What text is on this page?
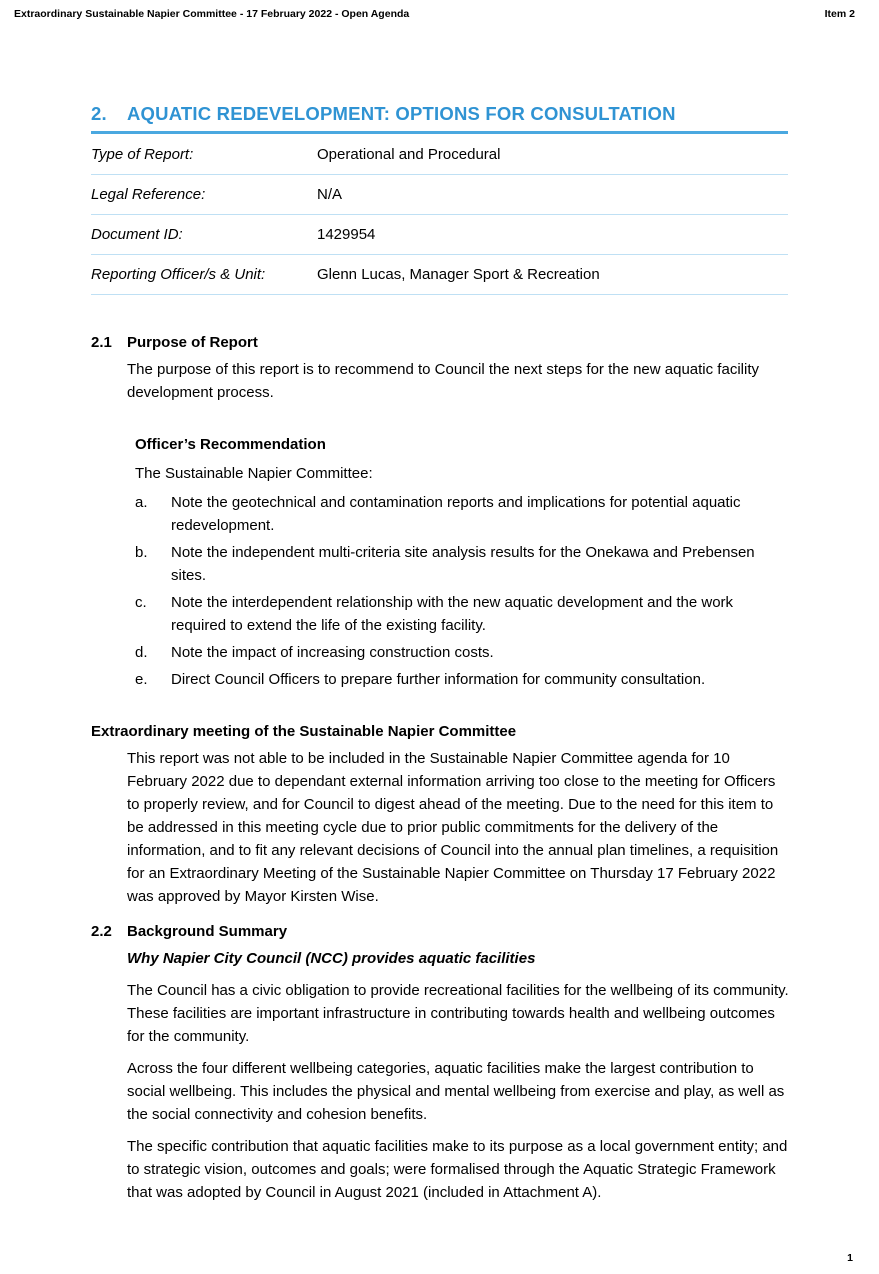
Extraordinary Sustainable Napier Committee - 17 February 2022 - Open Agenda	Item 2
2. AQUATIC REDEVELOPMENT: OPTIONS FOR CONSULTATION
Type of Report:	Operational and Procedural
Legal Reference:	N/A
Document ID:	1429954
Reporting Officer/s & Unit:	Glenn Lucas, Manager Sport & Recreation
2.1 Purpose of Report

The purpose of this report is to recommend to Council the next steps for the new aquatic facility development process.

Officer’s Recommendation

The Sustainable Napier Committee:

a.	Note the geotechnical and contamination reports and implications for potential aquatic redevelopment.
b.	Note the independent multi-criteria site analysis results for the Onekawa and Prebensen sites.
c.	Note the interdependent relationship with the new aquatic development and the work required to extend the life of the existing facility.
d.	Note the impact of increasing construction costs.
e.	Direct Council Officers to prepare further information for community consultation.
Extraordinary meeting of the Sustainable Napier Committee

This report was not able to be included in the Sustainable Napier Committee agenda for 10 February 2022 due to dependant external information arriving too close to the meeting for Officers to properly review, and for Council to digest ahead of the meeting. Due to the need for this item to be addressed in this meeting cycle due to prior public commitments for the delivery of the information, and to fit any relevant decisions of Council into the annual plan timelines, a requisition for an Extraordinary Meeting of the Sustainable Napier Committee on Thursday 17 February 2022 was approved by Mayor Kirsten Wise.

2.2 Background Summary
Why Napier City Council (NCC) provides aquatic facilities

The Council has a civic obligation to provide recreational facilities for the wellbeing of its community. These facilities are important infrastructure in contributing towards health and wellbeing outcomes for the community.

Across the four different wellbeing categories, aquatic facilities make the largest contribution to social wellbeing. This includes the physical and mental wellbeing from exercise and play, as well as the social connectivity and cohesion benefits.

The specific contribution that aquatic facilities make to its purpose as a local government entity; and to strategic vision, outcomes and goals; were formalised through the Aquatic Strategic Framework that was adopted by Council in August 2021 (included in Attachment A).

1
